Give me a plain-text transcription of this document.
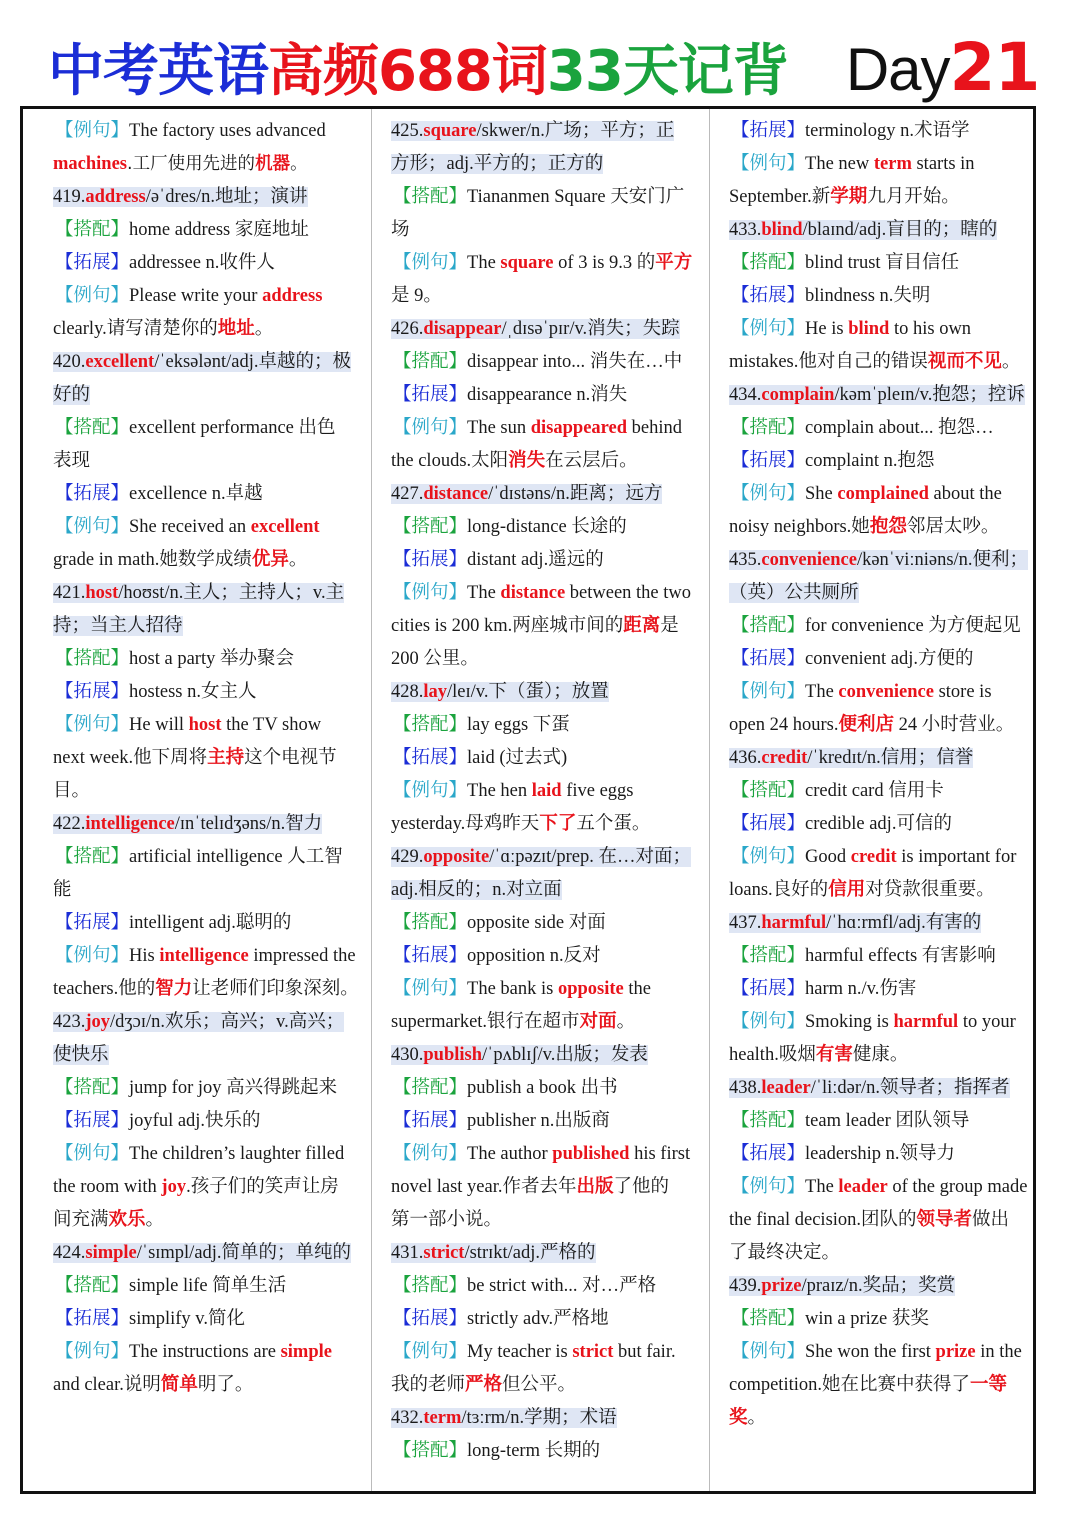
中考英语高频688词33天记背 Day21
【例句】The factory uses advanced
machines.工厂使用先进的机器。
419.address/əˈdres/n.地址；演讲
【搭配】home address 家庭地址
【拓展】addressee n.收件人
【例句】Please write your address
clearly.请写清楚你的地址。
420.excellent/ˈeksələnt/adj.卓越的；极
好的
【搭配】excellent performance 出色
表现
【拓展】excellence n.卓越
【例句】She received an excellent
grade in math.她数学成绩优异。
421.host/hoʊst/n.主人；主持人；v.主
持；当主人招待
【搭配】host a party 举办聚会
【拓展】hostess n.女主人
【例句】He will host the TV show
next week.他下周将主持这个电视节
目。
422.intelligence/ɪnˈtelɪdʒəns/n.智力
【搭配】artificial intelligence 人工智
能
【拓展】intelligent adj.聪明的
【例句】His intelligence impressed the
teachers.他的智力让老师们印象深刻。
423.joy/dʒɔɪ/n.欢乐；高兴；v.高兴；
使快乐
【搭配】jump for joy 高兴得跳起来
【拓展】joyful adj.快乐的
【例句】The children’s laughter filled
the room with joy.孩子们的笑声让房
间充满欢乐。
424.simple/ˈsɪmpl/adj.简单的；单纯的
【搭配】simple life 简单生活
【拓展】simplify v.简化
【例句】The instructions are simple
and clear.说明简单明了。
425.square/skwer/n.广场；平方；正
方形；adj.平方的；正方的
【搭配】Tiananmen Square 天安门广
场
【例句】The square of 3 is 9.3 的平方
是 9。
426.disappear/ˌdɪsəˈpɪr/v.消失；失踪
【搭配】disappear into... 消失在…中
【拓展】disappearance n.消失
【例句】The sun disappeared behind
the clouds.太阳消失在云层后。
427.distance/ˈdɪstəns/n.距离；远方
【搭配】long-distance 长途的
【拓展】distant adj.遥远的
【例句】The distance between the two
cities is 200 km.两座城市间的距离是
200 公里。
428.lay/leɪ/v.下（蛋）；放置
【搭配】lay eggs 下蛋
【拓展】laid (过去式)
【例句】The hen laid five eggs
yesterday.母鸡昨天下了五个蛋。
429.opposite/ˈɑːpəzɪt/prep. 在…对面；
adj.相反的；n.对立面
【搭配】opposite side 对面
【拓展】opposition n.反对
【例句】The bank is opposite the
supermarket.银行在超市对面。
430.publish/ˈpʌblɪʃ/v.出版；发表
【搭配】publish a book 出书
【拓展】publisher n.出版商
【例句】The author published his first
novel last year.作者去年出版了他的
第一部小说。
431.strict/strɪkt/adj.严格的
【搭配】be strict with... 对…严格
【拓展】strictly adv.严格地
【例句】My teacher is strict but fair.
我的老师严格但公平。
432.term/tɜːrm/n.学期；术语
【搭配】long-term 长期的
【拓展】terminology n.术语学
【例句】The new term starts in
September.新学期九月开始。
433.blind/blaɪnd/adj.盲目的；瞎的
【搭配】blind trust 盲目信任
【拓展】blindness n.失明
【例句】He is blind to his own
mistakes.他对自己的错误视而不见。
434.complain/kəmˈpleɪn/v.抱怨；控诉
【搭配】complain about... 抱怨…
【拓展】complaint n.抱怨
【例句】She complained about the
noisy neighbors.她抱怨邻居太吵。
435.convenience/kənˈviːniəns/n.便利；
（英）公共厕所
【搭配】for convenience 为方便起见
【拓展】convenient adj.方便的
【例句】The convenience store is
open 24 hours.便利店 24 小时营业。
436.credit/ˈkredɪt/n.信用；信誉
【搭配】credit card 信用卡
【拓展】credible adj.可信的
【例句】Good credit is important for
loans.良好的信用对贷款很重要。
437.harmful/ˈhɑːrmfl/adj.有害的
【搭配】harmful effects 有害影响
【拓展】harm n./v.伤害
【例句】Smoking is harmful to your
health.吸烟有害健康。
438.leader/ˈliːdər/n.领导者；指挥者
【搭配】team leader 团队领导
【拓展】leadership n.领导力
【例句】The leader of the group made
the final decision.团队的领导者做出
了最终决定。
439.prize/praɪz/n.奖品；奖赏
【搭配】win a prize 获奖
【例句】She won the first prize in the
competition.她在比赛中获得了一等
奖。
